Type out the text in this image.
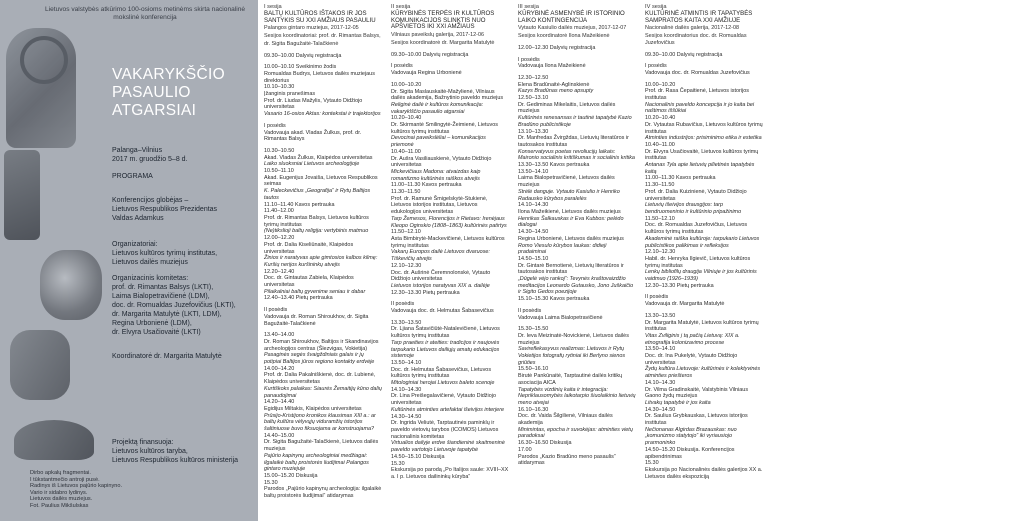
Lietuvos valstybės atkūrimo 100-osioms metinėms skirta nacionalinė mokslinė konferencija
VAKARYKŠČIO
PASAULIO
ATGARSIAI
Palanga–Vilnius
2017 m. gruodžio 5–8 d.
PROGRAMA
Konferencijos globėjas –
Lietuvos Respublikos Prezidentas
Valdas Adamkus
Organizatoriai:
Lietuvos kultūros tyrimų institutas,
Lietuvos dailės muziejus
Organizacinis komitetas:
prof. dr. Rimantas Balsys (LKTI),
Laima Bialopetravičienė (LDM),
doc. dr. Romualdas Juzefovičius (LKTI),
dr. Margarita Matulytė (LKTI, LDM),
Regina Urbonienė (LDM),
dr. Elvyra Usačiovaitė (LKTI)
Koordinatorė dr. Margarita Matulytė
Projektą finansuoja:
Lietuvos kultūros taryba,
Lietuvos Respublikos kultūros ministerija
Dirbo apkalų fragmentai.
I tūkstantmečio antroji pusė.
Radinys iš Lietuvos pajūrio kapinyno.
Vario ir sidabro lydinys.
Lietuvos dailės muziejus.
Fot. Paulius Mikšulskas
I sesija
BALTŲ KULTŪROS IŠTAKOS IR JOS SANTYKIS SU XXI AMŽIAUS PASAULIU
Palangos gintaro muziejus, 2017-12-05
Sesijos koordinatoriai: prof. dr. Rimantas Balsys,
dr. Sigita Bagužaitė-Talačkienė
09.30–10.00 Dalyvių registracija
10.00–10.10 Sveikinimo žodis
Romualdas Budrys, Lietuvos dailės muziejaus direktorius
10.10–10.30
Įžanginis pranešimas
Prof. dr. Liudas Mažylis, Vytauto Didžiojo universitetas
Vasario 16-osios Aktas: kontekstai ir trajektorijos
I posėdis
Vadovauja akad. Vladas Žulkus, prof. dr. Rimantas Balsys
10.30–10.50
Akad. Vladas Žulkus, Klaipėdos universitetas
Laiko sluoksniai Lietuvos archeologijoje
10.50–11.10
Akad. Eugenijus Jovaiša, Lietuvos Respublikos seimas
K. Paleckevičius „Geografija“ ir Rytų Baltijos tautos
11.10–11.40 Kavos pertrauka
11.40–12.00
Prof. dr. Rimantas Balsys, Lietuvos kultūros tyrimų institutas
(Ne)tikslioji baltų religija: vertybinis matmuo
12.00–12.20
Prof. dr. Dalia Kiseliūnaitė, Klaipėdos universitetas
Žinios ir naratyvas apie gimtosios kalbos kilmę: Kuršių nerijos kuršininkų atvejis
12.20–12.40
Doc. dr. Gintautas Zabiela, Klaipėdos universitetas
Pilaikalniai baltų gyvenime seniau ir dabar
12.40–13.40 Pietų pertrauka
II posėdis
Vadovauja dr. Roman Shiroukhov, dr. Sigita Bagužaitė-Talačkienė
13.40–14.00
Dr. Roman Shiroukhov, Baltijos ir Skandinavijos archeologijos centras (Šlezvigas, Vokietija)
Pasaginės segės švaigždiniais galais ir jų potipiai Baltijos jūros regiono kontakty erdvėje
14.00–14.20
Prof. dr. Dalia Pakalniškienė, doc. dr. Lubienė, Klaipėdos universitetas
Kurtiškoks palaikas: Siaurės Žemaitijų kūno dalių panaudojimai
14.20–14.40
Egidijus Miltakis, Klaipėdos universitetas
Prūsijo-Kristijono kronikos klausimas XIII a.: ar baltų kultūra vėlyvųjų viduramžių istorijos šaltiniuose buvo fiksuojama ar konstruojama?
14.40–15.00
Dr. Sigita Bagužaitė-Talačkienė, Lietuvos dailės muziejus
Pajūrio kapinynų archeologiniai medžiagai: ilgalaikė baltų proistorės liudijimai Palangos gintaro muziejuje
15.00–15.20 Diskusija
15.30
Parodos „Pajūrio kapinynų archeologija: ilgalaikė baltų proistorės liudijimai“ atidarymas
II sesija
KŪRYBINĖS TERPĖS IR KULTŪROS KOMUNIKACIJOS SLINKTIS NUO APŠVIETOS IKI XXI AMŽIAUS
Vilniaus paveikslų galerija, 2017-12-06
Sesijos koordinatorė dr. Margarita Matulytė
09.30–10.00 Dalyvių registracija
I posėdis
Vadovauja Regina Urbonienė
10.00–10.20
Dr. Sigita Maslauskaitė-Mažylienė, Vilniaus dailės akademija, Bažnytinio paveldo muziejus
Religinė dailė ir kultūros komunikacija: vakaryklščio pasaulio atgarsiai
10.20–10.40
Dr. Skirmantė Smilingytė-Žeimienė, Lietuvos kultūros tyrimų institutas
Devocinai paveikslėliai – komunikacijos priemonė
10.40–11.00
Dr. Aušra Vasiliauskienė, Vytauto Didžiojo universitetas
Mickevičiaus Madona: atvaizdas kaip romantizmo kultūrinės raiškos atvejis
11.00–11.30 Kavos pertrauka
11.30–11.50
Prof. dr. Ramunė Šmigelskytė-Stukienė, Lietuvos istorijos institutas, Lietuvos edukologijos universitetas
Tarp Žemesos, Florencijos ir Rietavo: Irenėjaus Kleopo Oginskio (1808–1863) kultūrinės patirtys
11.50–12.10
Asta Bimbirytė-Mackevičienė, Lietuvos kultūros tyrimų institutas
Vakarų Europos dailė Lietuvos dvaruose: Tiškevičių atvejis
12.10–12.30
Doc. dr. Aušrinė Čeremnolonskė, Vytauto Didžiojo universitetas
Lietuvos istorijos naratyvas XIX a. dailėje
12.30–13.30 Pietų pertrauka
II posėdis
Vadovauja doc. dr. Helmutas Šabasevičius
13.30–13.50
Dr. Ljiana Šatavičiūtė-Natalevičienė, Lietuvos kultūros tyrimų institutas
Tarp praeities ir ateities: tradicijos ir naujovės tarpukario Lietuvos dailiųjų amatų edukacijos sistemoje
13.50–14.10
Doc. dr. Helmutas Šabasevičius, Lietuvos kultūros tyrimų institutas
Mitologiniai herojai Lietuvos baleto scenoje
14.10–14.30
Dr. Lina Preišegalavičienė, Vytauto Didžiojo universitetas
Kultūrinės atminties artefaktai išeivijos interjere
14.30–14.50
Dr. Ingrida Veliutė, Tarptautinės paminklų ir paveldo vietovių tarybos (ICOMOS) Lietuvos nacionalinis komitetas
Virtualios dailyje erdve šiandieninė skaitmeninė paveldo vartotojo Lietuvoje tapatybė
14.50–15.10 Diskusija
15.30
Ekskursija po parodą „Po Italijos saule: XVIII–XX a. I p. Lietuvos dailininkų kūryba“
III sesija
KŪRYBINĖ ASMENYBĖ IR ISTORINIO LAIKO KONTINGENCIJA
Vytauto Kasiulio dailės muziejus, 2017-12-07
Sesijos koordinatorė Ilona Mažeikienė
12.00–12.30 Dalyvių registracija
I posėdis
Vadovauja Ilona Mažeikienė
12.30–12.50
Elena Bradūnaitė-Aglinskienė
Kazys Bradūnas meno apsupty
12.50–13.10
Dr. Gediminas Mikelaitis, Lietuvos dailės muziejus
Kultūrinės renesansas ir tautinė tapatybė Kazio Bradūno publicistikoje
13.10–13.30
Dr. Manfredas Žvirgždas, Lietuvių literatūros ir tautosakos institutas
Konservatyvus poetas revoliucijų laikais: Maironio socialinis kritiškumas ir socialinis kritika
13.30–13.50 Kavos pertrauka
13.50–14.10
Laima Bialopetravičienė, Lietuvos dailės muziejus
Strėlė danguje. Vytauto Kasiulio ir Henriko Radausko kūrybos paralelės
14.10–14.30
Ilona Mažeikienė, Lietuvos dailės muziejus
Henrikas Šalkauskas ir Eva Kubbos: pelėdo dialogai
14.30–14.50
Regina Urbonienė, Lietuvos dailės muziejus
Romo Viesulo kūrybos laukas: didieji pradaiminai
14.50–15.10
Dr. Gintarė Bernotienė, Lietuvių literatūros ir tautosakos institutas
„Dūgelė vėjo rankoj“: Tevynės kraštovaizdžio meditacijos Leonardo Gutausko, Jono Juškaičio ir Sigito Gedos poezijoje
15.10–15.30 Kavos pertrauka
II posėdis
Vadovauja Laima Bialopetravičienė
15.30–15.50
Dr. Ieva Meizinatė-Novickienė, Lietuvos dailės muziejus
Savireflekasyvus realizmas: Lietuvos ir Rytų Vokietijos fotografų rytiniai iki Berlyno sienos griūties
15.50–16.10
Birutė Pankūnaitė, Tarptautinė dailės kritikų asociacija AICA
Tapatybės vizdinių kaita ir integracija: Nepriklausomybės laikotarpio šiuolaikinio lietuvių meno atvejai
16.10–16.30
Doc. dr. Vaida Šilgilienė, Vilniaus dailės akademija
Minimintas, epocha ir suvokėjas: atminties vietų paradoksai
16.30–16.50 Diskusija
17.00
Parodos „Kazio Bradūno meno pasaulis“ atidarymas
IV sesija
KULTŪRINĖ ATMINTIS IR TAPATYBĖS SAMPRATOS KAITA XXI AMŽIUJE
Nacionalinė dailės galerija, 2017-12-08
Sesijos koordinatorius doc. dr. Romualdas Juzefovičius
09.30–10.00 Dalyvių registracija
I posėdis
Vadovauja doc. dr. Romualdas Juzefovičius
10.00–10.20
Prof. dr. Rasa Čepaitienė, Lietuvos istorijos institutas
Nacionalinis paveldo koncepcija ir jo kaita bei naštimos iššūkiai
10.20–10.40
Dr. Vytautas Rubavičius, Lietuvos kultūros tyrimų institutas
Atminties industrijos: prisiminimo etika ir estetika
10.40–11.00
Dr. Elvyra Usačiovaitė, Lietuvos kultūros tyrimų institutas
Antanas Tyla apie lietuvių pilietinės tapatybės kaitą
11.00–11.30 Kavos pertrauka
11.30–11.50
Prof. dr. Dalia Kuizinienė, Vytauto Didžiojo universitetas
Lietuvių išeivijos drausgijos: tarp bendruomeninio ir kultūrinio pripažinimo
11.50–12.10
Doc. dr. Romualdas Juzefovičius, Lietuvos kultūros tyrimų institutas
Akademinė raiška kultūroje: tarpukario Lietuvos publicistikos palikimas ir refleksijos
12.10–12.30
Habil. dr. Henryka Ilgievič, Lietuvos kultūros tyrimų institutas
Lenkų bibliofilų draugija Vilniuje ir jos kultūrinis vaidmuo (1926–1939)
12.30–13.30 Pietų pertrauka
II posėdis
Vadovauja dr. Margarita Matulytė
13.30–13.50
Dr. Margarita Matulytė, Lietuvos kultūros tyrimų institutas
Vitas Zviliginis į tą pačią Lietuvą: XIX a. etnografija kolonizavimo procese
13.50–14.10
Doc. dr. Ina Pukelytė, Vytauto Didžiojo universitetas
Žydų kultūra Lietuvoje: kultūrinės ir kolektyvinės atminties priešteros
14.10–14.30
Dr. Vilma Gradinskaitė, Valstybinis Vilniaus Gaono žydų muziejus
Litvakų tapatybė ir jos kaita
14.30–14.50
Dr. Saulius Grybkauskas, Lietuvos istorijos institutas
Nečionanas Algirdas Brazauskas: nuo „komunizmo statytojo“ iki vyriausiojo prarmoninko
14.50–15.20 Diskusija. Konferencijos apibendrinimas
15.30
Ekskursija po Nacionalinės dailės galerijos XX a. Lietuvos dailės ekspoziciją
